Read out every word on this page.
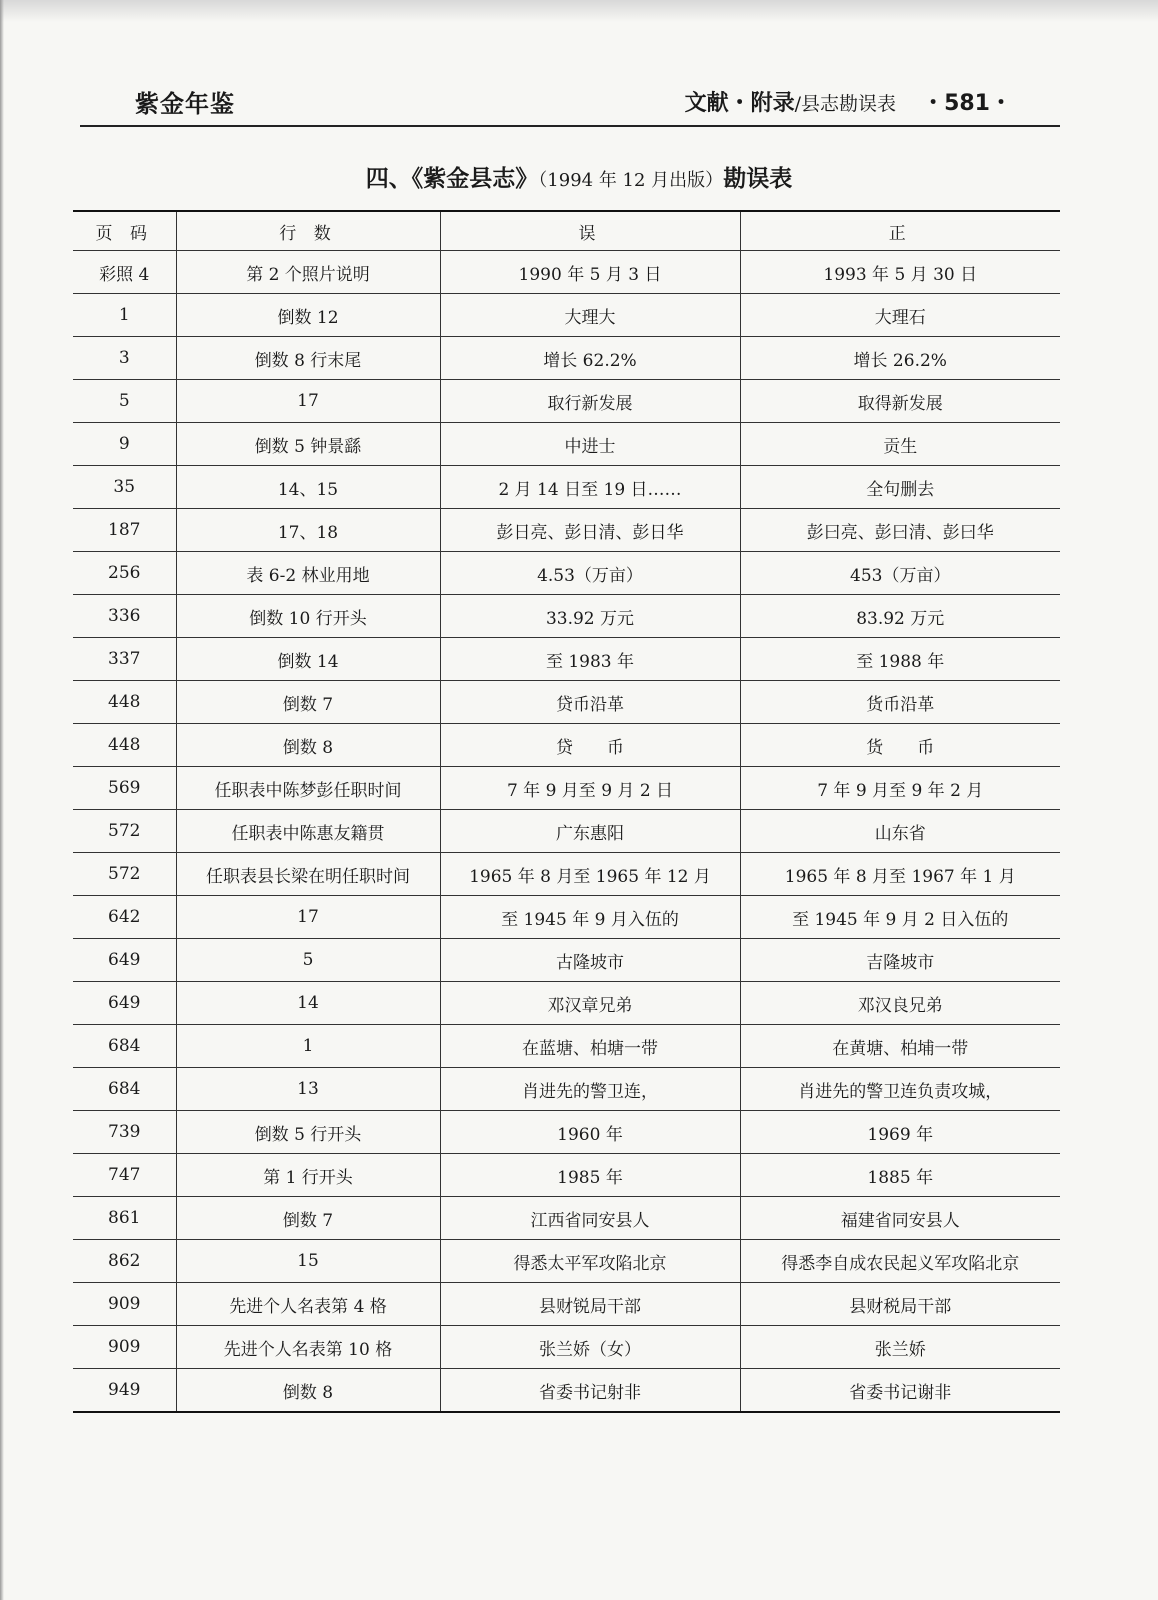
紫金年鉴	文献・附录/县志勘误表 ・581・
四、《紫金县志》（1994 年 12 月出版）勘误表
页 码	行 数	误	正
彩照 4	第 2 个照片说明	1990 年 5 月 3 日	1993 年 5 月 30 日
1	倒数 12	大理大	大理石
3	倒数 8 行末尾	增长 62.2%	增长 26.2%
5	17	取行新发展	取得新发展
9	倒数 5 钟景繇	中进士	贡生
35	14、15	2 月 14 日至 19 日……	全句删去
187	17、18	彭日亮、彭日清、彭日华	彭曰亮、彭曰清、彭曰华
256	表 6-2 林业用地	4.53（万亩）	453（万亩）
336	倒数 10 行开头	33.92 万元	83.92 万元
337	倒数 14	至 1983 年	至 1988 年
448	倒数 7	贷币沿革	货币沿革
448	倒数 8	贷　　币	货　　币
569	任职表中陈梦彭任职时间	7 年 9 月至 9 月 2 日	7 年 9 月至 9 年 2 月
572	任职表中陈惠友籍贯	广东惠阳	山东省
572	任职表县长梁在明任职时间	1965 年 8 月至 1965 年 12 月	1965 年 8 月至 1967 年 1 月
642	17	至 1945 年 9 月入伍的	至 1945 年 9 月 2 日入伍的
649	5	古隆坡市	吉隆坡市
649	14	邓汉章兄弟	邓汉良兄弟
684	1	在蓝塘、柏塘一带	在黄塘、柏埔一带
684	13	肖进先的警卫连，	肖进先的警卫连负责攻城，
739	倒数 5 行开头	1960 年	1969 年
747	第 1 行开头	1985 年	1885 年
861	倒数 7	江西省同安县人	福建省同安县人
862	15	得悉太平军攻陷北京	得悉李自成农民起义军攻陷北京
909	先进个人名表第 4 格	县财锐局干部	县财税局干部
909	先进个人名表第 10 格	张兰娇（女）	张兰娇
949	倒数 8	省委书记射非	省委书记谢非
